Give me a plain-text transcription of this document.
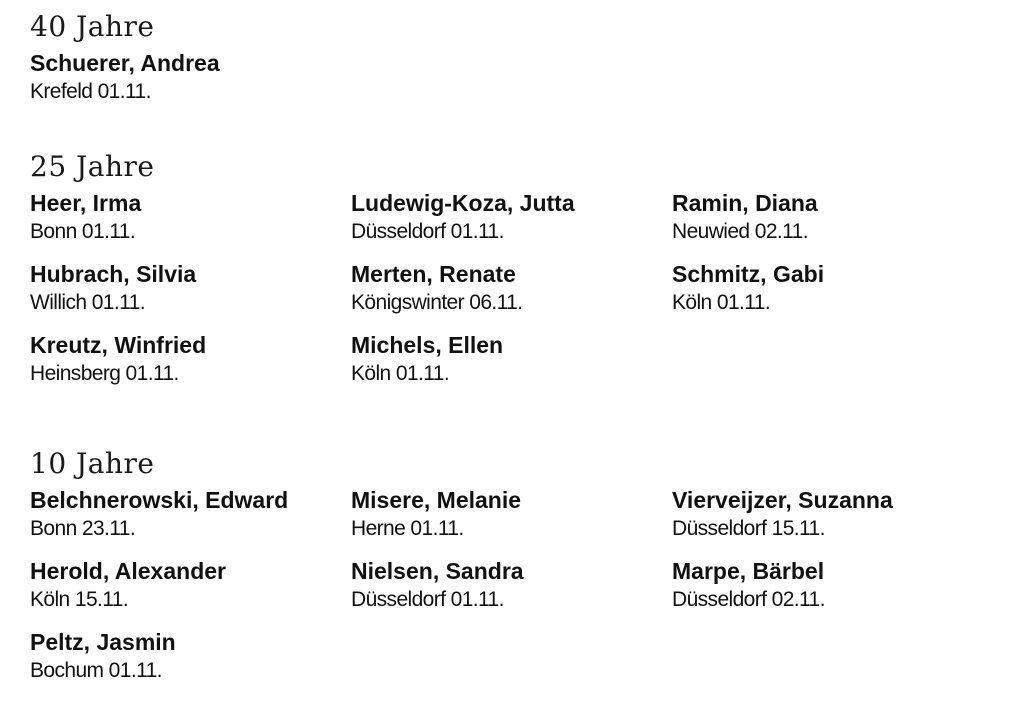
40 Jahre
Schuerer, Andrea
Krefeld 01.11.
25 Jahre
Heer, Irma
Bonn 01.11.
Ludewig-Koza, Jutta
Düsseldorf 01.11.
Ramin, Diana
Neuwied 02.11.
Hubrach, Silvia
Willich 01.11.
Merten, Renate
Königswinter 06.11.
Schmitz, Gabi
Köln 01.11.
Kreutz, Winfried
Heinsberg 01.11.
Michels, Ellen
Köln 01.11.
10 Jahre
Belchnerowski, Edward
Bonn 23.11.
Misere, Melanie
Herne 01.11.
Vierveijzer, Suzanna
Düsseldorf 15.11.
Herold, Alexander
Köln 15.11.
Nielsen, Sandra
Düsseldorf 01.11.
Marpe, Bärbel
Düsseldorf 02.11.
Peltz, Jasmin
Bochum 01.11.
